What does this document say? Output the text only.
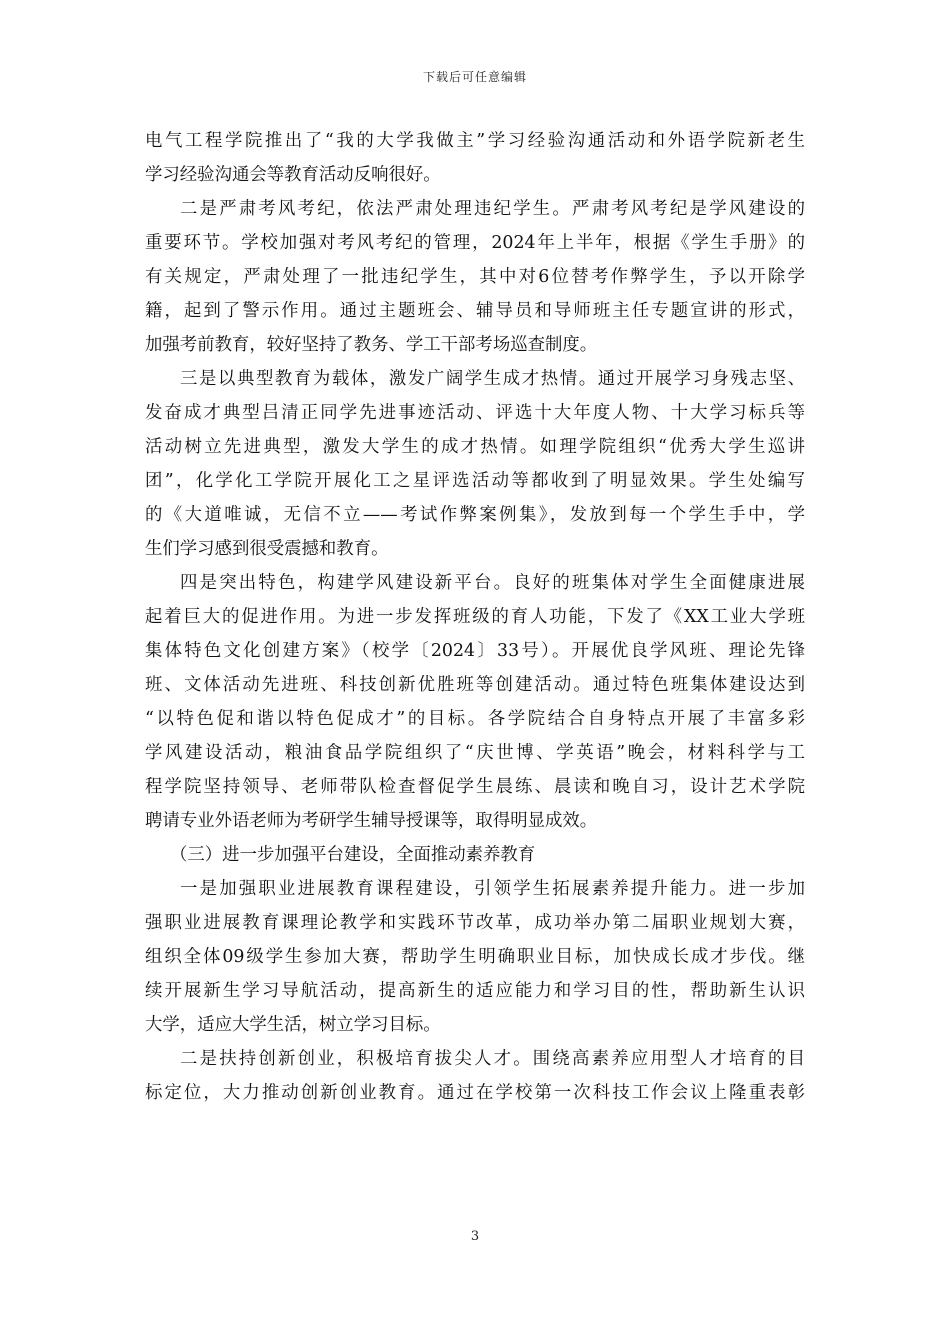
下载后可任意编辑
电气工程学院推出了“我的大学我做主”学习经验沟通活动和外语学院新老生
学习经验沟通会等教育活动反响很好。
二是严肃考风考纪，依法严肃处理违纪学生。严肃考风考纪是学风建设的
重要环节。学校加强对考风考纪的管理，2024年上半年，根据《学生手册》的
有关规定，严肃处理了一批违纪学生，其中对6位替考作弊学生，予以开除学
籍，起到了警示作用。通过主题班会、辅导员和导师班主任专题宣讲的形式，
加强考前教育，较好坚持了教务、学工干部考场巡查制度。
三是以典型教育为载体，激发广阔学生成才热情。通过开展学习身残志坚、
发奋成才典型吕清正同学先进事迹活动、评选十大年度人物、十大学习标兵等
活动树立先进典型，激发大学生的成才热情。如理学院组织“优秀大学生巡讲
团”，化学化工学院开展化工之星评选活动等都收到了明显效果。学生处编写
的《大道唯诚，无信不立——考试作弊案例集》，发放到每一个学生手中，学
生们学习感到很受震撼和教育。
四是突出特色，构建学风建设新平台。良好的班集体对学生全面健康进展
起着巨大的促进作用。为进一步发挥班级的育人功能，下发了《XX工业大学班
集体特色文化创建方案》（校学〔2024〕33号）。开展优良学风班、理论先锋
班、文体活动先进班、科技创新优胜班等创建活动。通过特色班集体建设达到
“以特色促和谐以特色促成才”的目标。各学院结合自身特点开展了丰富多彩
学风建设活动，粮油食品学院组织了“庆世博、学英语”晚会，材料科学与工
程学院坚持领导、老师带队检查督促学生晨练、晨读和晚自习，设计艺术学院
聘请专业外语老师为考研学生辅导授课等，取得明显成效。
（三）进一步加强平台建设，全面推动素养教育
一是加强职业进展教育课程建设，引领学生拓展素养提升能力。进一步加
强职业进展教育课理论教学和实践环节改革，成功举办第二届职业规划大赛，
组织全体09级学生参加大赛，帮助学生明确职业目标，加快成长成才步伐。继
续开展新生学习导航活动，提高新生的适应能力和学习目的性，帮助新生认识
大学，适应大学生活，树立学习目标。
二是扶持创新创业，积极培育拔尖人才。围绕高素养应用型人才培育的目
标定位，大力推动创新创业教育。通过在学校第一次科技工作会议上隆重表彰
3
